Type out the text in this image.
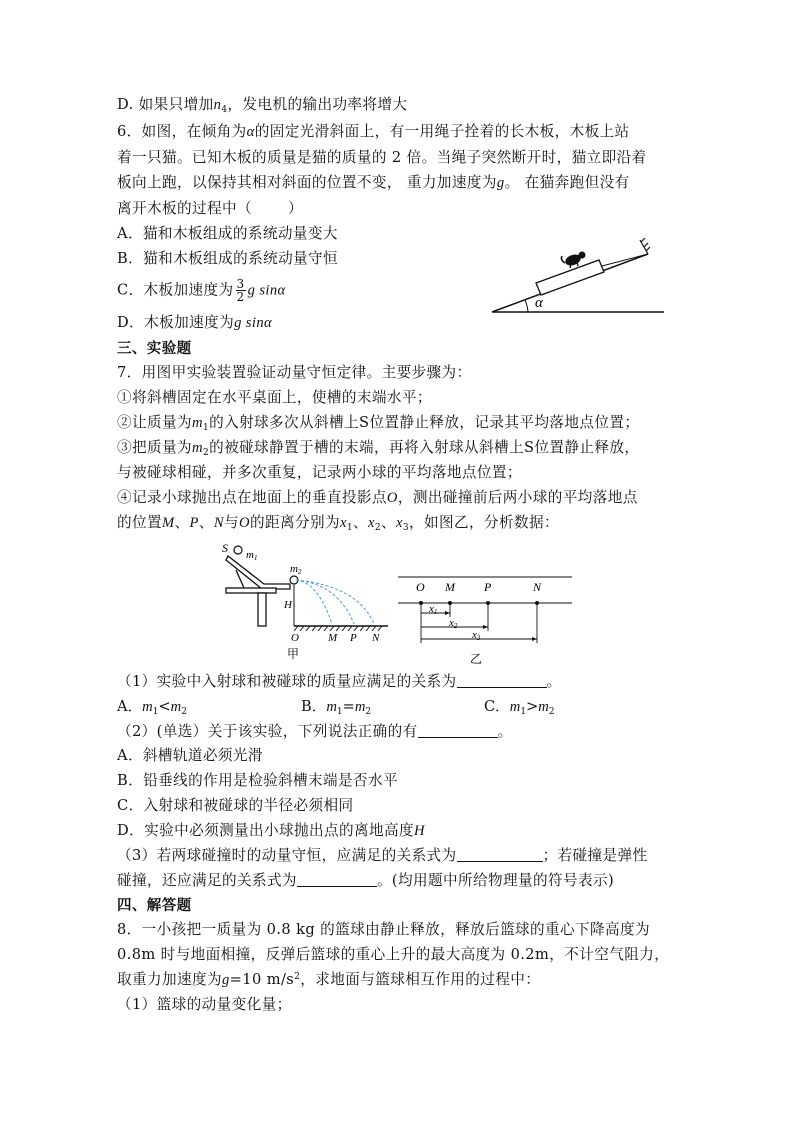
D. 如果只增加$n_4$，发电机的输出功率将增大
6．如图，在倾角为α的固定光滑斜面上，有一用绳子拴着的长木板，木板上站
着一只猫。已知木板的质量是猫的质量的 2 倍。当绳子突然断开时，猫立即沿着
板向上跑，以保持其相对斜面的位置不变， 重力加速度为g。 在猫奔跑但没有
离开木板的过程中（ ）
A．猫和木板组成的系统动量变大
B．猫和木板组成的系统动量守恒
C．木板加速度为 $\frac{3}{2}$ g sinα
D．木板加速度为g sinα
α
三、实验题
7．用图甲实验装置验证动量守恒定律。主要步骤为：
①将斜槽固定在水平桌面上，使槽的末端水平；
②让质量为$m_1$的入射球多次从斜槽上S位置静止释放，记录其平均落地点位置；
③把质量为$m_2$的被碰球静置于槽的末端，再将入射球从斜槽上S位置静止释放，
与被碰球相碰，并多次重复，记录两小球的平均落地点位置；
④记录小球抛出点在地面上的垂直投影点O，测出碰撞前后两小球的平均落地点
的位置M、P、N与O的距离分别为$x_1$、$x_2$、$x_3$，如图乙，分析数据：
S m1
m2
H
O	M P N
甲
O M P	N
x1
x2
x3
乙
（1）实验中入射球和被碰球的质量应满足的关系为	。
A．$m_1<m_2$	B．$m_1=m_2$	C．$m_1>m_2$
（2）(单选）关于该实验，下列说法正确的有	。
A．斜槽轨道必须光滑
B．铅垂线的作用是检验斜槽末端是否水平
C．入射球和被碰球的半径必须相同
D．实验中必须测量出小球抛出点的离地高度H
（3）若两球碰撞时的动量守恒，应满足的关系式为	；若碰撞是弹性
碰撞，还应满足的关系式为	。(均用题中所给物理量的符号表示)
四、解答题
8．一小孩把一质量为 0.8 kg 的篮球由静止释放，释放后篮球的重心下降高度为
0.8m 时与地面相撞，反弹后篮球的重心上升的最大高度为 0.2m，不计空气阻力，
取重力加速度为g=10 $m/s^2$，求地面与篮球相互作用的过程中：
（1）篮球的动量变化量；
